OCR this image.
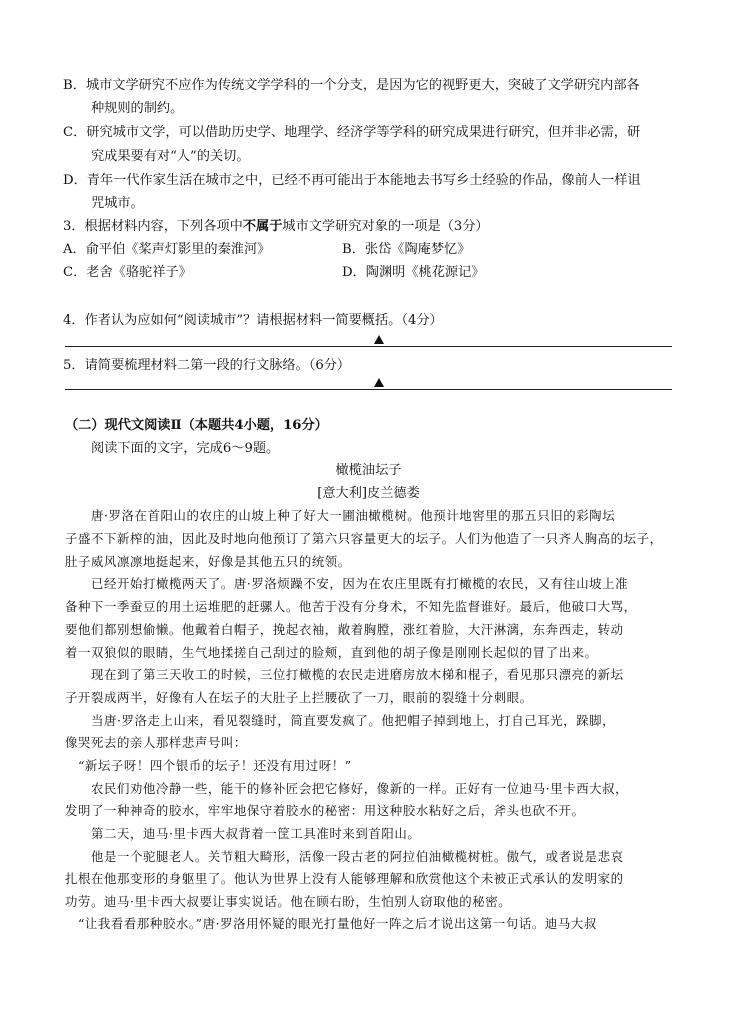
B．城市文学研究不应作为传统文学学科的一个分支，是因为它的视野更大，突破了文学研究内部各
种规则的制约。
C．研究城市文学，可以借助历史学、地理学、经济学等学科的研究成果进行研究，但并非必需，研
究成果要有对“人”的关切。
D．青年一代作家生活在城市之中，已经不再可能出于本能地去书写乡土经验的作品，像前人一样诅
咒城市。
3．根据材料内容，下列各项中不属于城市文学研究对象的一项是（3分）
A．俞平伯《桨声灯影里的秦淮河》	B．张岱《陶庵梦忆》
C．老舍《骆驼祥子》	D．陶渊明《桃花源记》
4．作者认为应如何“阅读城市”？请根据材料一简要概括。（4分）
5．请简要梳理材料二第一段的行文脉络。（6分）
（二）现代文阅读Ⅱ（本题共4小题，16分）
阅读下面的文字，完成6～9题。
橄榄油坛子
[意大利]皮兰德娄
唐·罗洛在首阳山的农庄的山坡上种了好大一圃油橄榄树。他预计地窖里的那五只旧的彩陶坛
子盛不下新榨的油，因此及时地向他预订了第六只容量更大的坛子。人们为他造了一只齐人胸高的坛子，
肚子威风凛凛地挺起来，好像是其他五只的统领。
已经开始打橄榄两天了。唐·罗洛烦躁不安，因为在农庄里既有打橄榄的农民，又有往山坡上准
备种下一季蚕豆的用土运堆肥的赶骡人。他苦于没有分身术，不知先监督谁好。最后，他破口大骂，
要他们都别想偷懒。他戴着白帽子，挽起衣袖，敞着胸膛，涨红着脸，大汗淋漓，东奔西走，转动
着一双狼似的眼睛，生气地揉搓自己刮过的脸颊，直到他的胡子像是刚刚长起似的冒了出来。
现在到了第三天收工的时候，三位打橄榄的农民走进磨房放木梯和棍子，看见那只漂亮的新坛
子开裂成两半，好像有人在坛子的大肚子上拦腰砍了一刀，眼前的裂缝十分刺眼。
当唐·罗洛走上山来，看见裂缝时，简直要发疯了。他把帽子掉到地上，打自己耳光，跺脚，
像哭死去的亲人那样悲声号叫：
“新坛子呀！四个银币的坛子！还没有用过呀！”
农民们劝他冷静一些，能干的修补匠会把它修好，像新的一样。正好有一位迪马·里卡西大叔，
发明了一种神奇的胶水，牢牢地保守着胶水的秘密：用这种胶水粘好之后，斧头也砍不开。
第二天，迪马·里卡西大叔背着一筐工具准时来到首阳山。
他是一个驼腿老人。关节粗大畸形，活像一段古老的阿拉伯油橄榄树桩。傲气，或者说是悲哀
扎根在他那变形的身躯里了。他认为世界上没有人能够理解和欣赏他这个未被正式承认的发明家的
功劳。迪马·里卡西大叔要让事实说话。他在顾右盼，生怕别人窃取他的秘密。
“让我看看那种胶水。”唐·罗洛用怀疑的眼光打量他好一阵之后才说出这第一句话。迪马大叔
